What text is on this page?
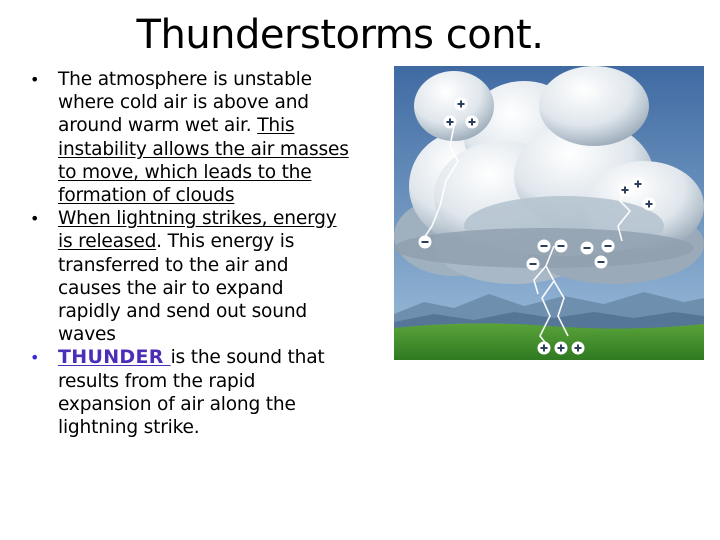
Thunderstorms cont.

• The atmosphere is unstable where cold air is above and around warm wet air. This instability allows the air masses to move, which leads to the formation of clouds

• When lightning strikes, energy is released. This energy is transferred to the air and causes the air to expand rapidly and send out sound waves

• THUNDER is the sound that results from the rapid expansion of air along the lightning strike.
